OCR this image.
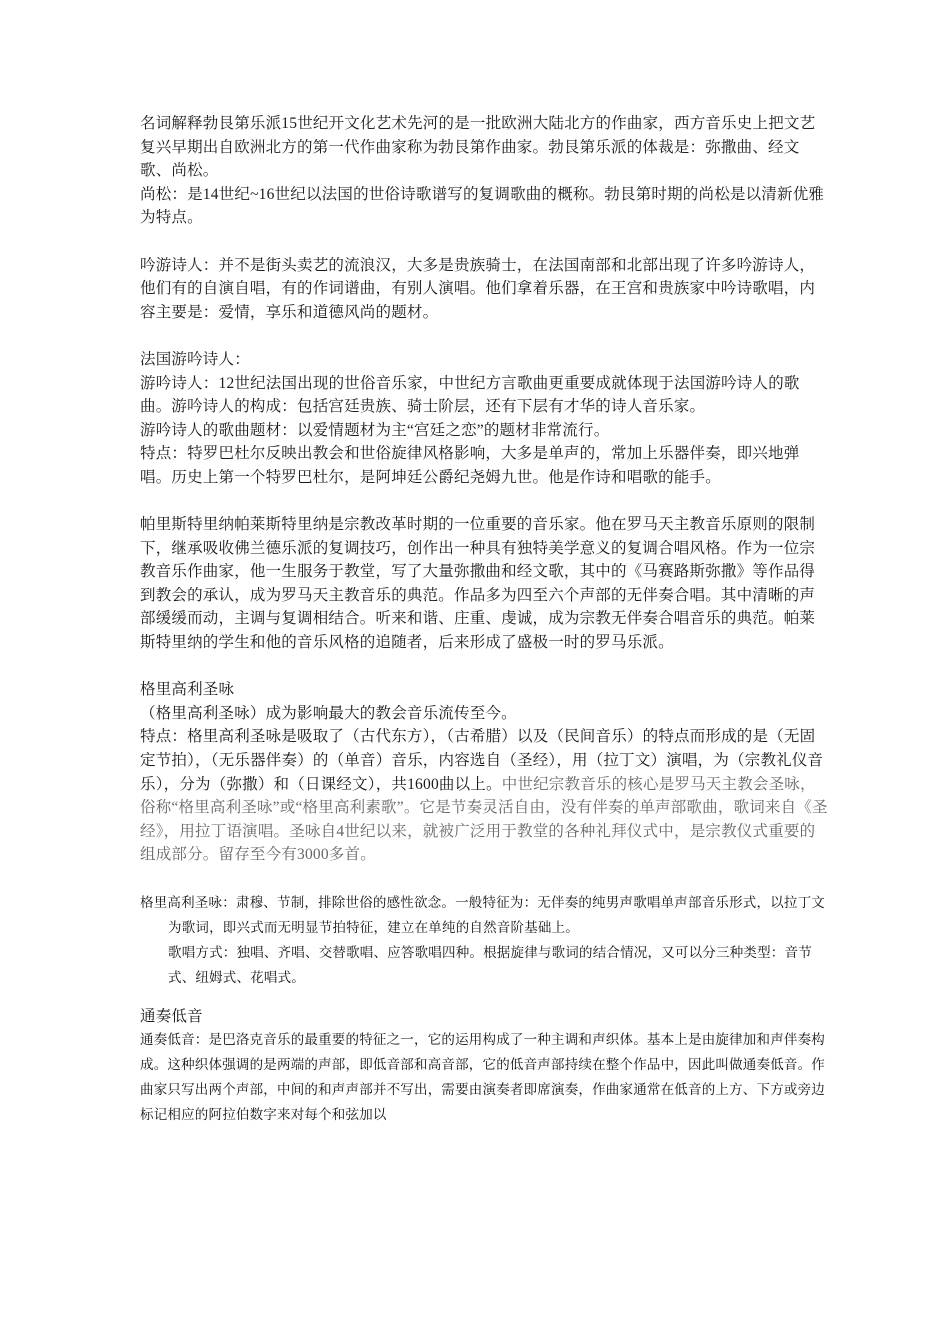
名词解释勃艮第乐派15世纪开文化艺术先河的是一批欧洲大陆北方的作曲家，西方音乐史上把文艺复兴早期出自欧洲北方的第一代作曲家称为勃艮第作曲家。勃艮第乐派的体裁是：弥撒曲、经文歌、尚松。

尚松：是14世纪~16世纪以法国的世俗诗歌谱写的复调歌曲的概称。勃艮第时期的尚松是以清新优雅为特点。

吟游诗人：并不是街头卖艺的流浪汉，大多是贵族骑士，在法国南部和北部出现了许多吟游诗人，他们有的自演自唱，有的作词谱曲，有别人演唱。他们拿着乐器，在王宫和贵族家中吟诗歌唱，内容主要是：爱情，享乐和道德风尚的题材。

法国游吟诗人：

游吟诗人：12世纪法国出现的世俗音乐家，中世纪方言歌曲更重要成就体现于法国游吟诗人的歌曲。游吟诗人的构成：包括宫廷贵族、骑士阶层，还有下层有才华的诗人音乐家。

游吟诗人的歌曲题材：以爱情题材为主“宫廷之恋”的题材非常流行。

特点：特罗巴杜尔反映出教会和世俗旋律风格影响，大多是单声的，常加上乐器伴奏，即兴地弹唱。历史上第一个特罗巴杜尔，是阿坤廷公爵纪尧姆九世。他是作诗和唱歌的能手。

帕里斯特里纳帕莱斯特里纳是宗教改革时期的一位重要的音乐家。他在罗马天主教音乐原则的限制下，继承吸收佛兰德乐派的复调技巧，创作出一种具有独特美学意义的复调合唱风格。作为一位宗教音乐作曲家，他一生服务于教堂，写了大量弥撒曲和经文歌，其中的《马赛路斯弥撒》等作品得到教会的承认，成为罗马天主教音乐的典范。作品多为四至六个声部的无伴奏合唱。其中清晰的声部缓缓而动，主调与复调相结合。听来和谐、庄重、虔诚，成为宗教无伴奏合唱音乐的典范。帕莱斯特里纳的学生和他的音乐风格的追随者，后来形成了盛极一时的罗马乐派。

格里高利圣咏

（格里高利圣咏）成为影响最大的教会音乐流传至今。

特点：格里高利圣咏是吸取了（古代东方），（古希腊）以及（民间音乐）的特点而形成的是（无固定节拍），（无乐器伴奏）的（单音）音乐，内容选自（圣经），用（拉丁文）演唱，为（宗教礼仪音乐），分为（弥撒）和（日课经文），共1600曲以上。中世纪宗教音乐的核心是罗马天主教会圣咏，俗称“格里高利圣咏”或“格里高利素歌”。它是节奏灵活自由，没有伴奏的单声部歌曲，歌词来自《圣经》，用拉丁语演唱。圣咏自4世纪以来，就被广泛用于教堂的各种礼拜仪式中，是宗教仪式重要的组成部分。留存至今有3000多首。

格里高利圣咏：肃穆、节制，排除世俗的感性欲念。一般特征为：无伴奏的纯男声歌唱单声部音乐形式，以拉丁文为歌词，即兴式而无明显节拍特征，建立在单纯的自然音阶基础上。

歌唱方式：独唱、齐唱、交替歌唱、应答歌唱四种。根据旋律与歌词的结合情况，又可以分三种类型：音节式、纽姆式、花唱式。

通奏低音

通奏低音：是巴洛克音乐的最重要的特征之一，它的运用构成了一种主调和声织体。基本上是由旋律加和声伴奏构成。这种织体强调的是两端的声部，即低音部和高音部，它的低音声部持续在整个作品中，因此叫做通奏低音。作曲家只写出两个声部，中间的和声声部并不写出，需要由演奏者即席演奏，作曲家通常在低音的上方、下方或旁边标记相应的阿拉伯数字来对每个和弦加以
